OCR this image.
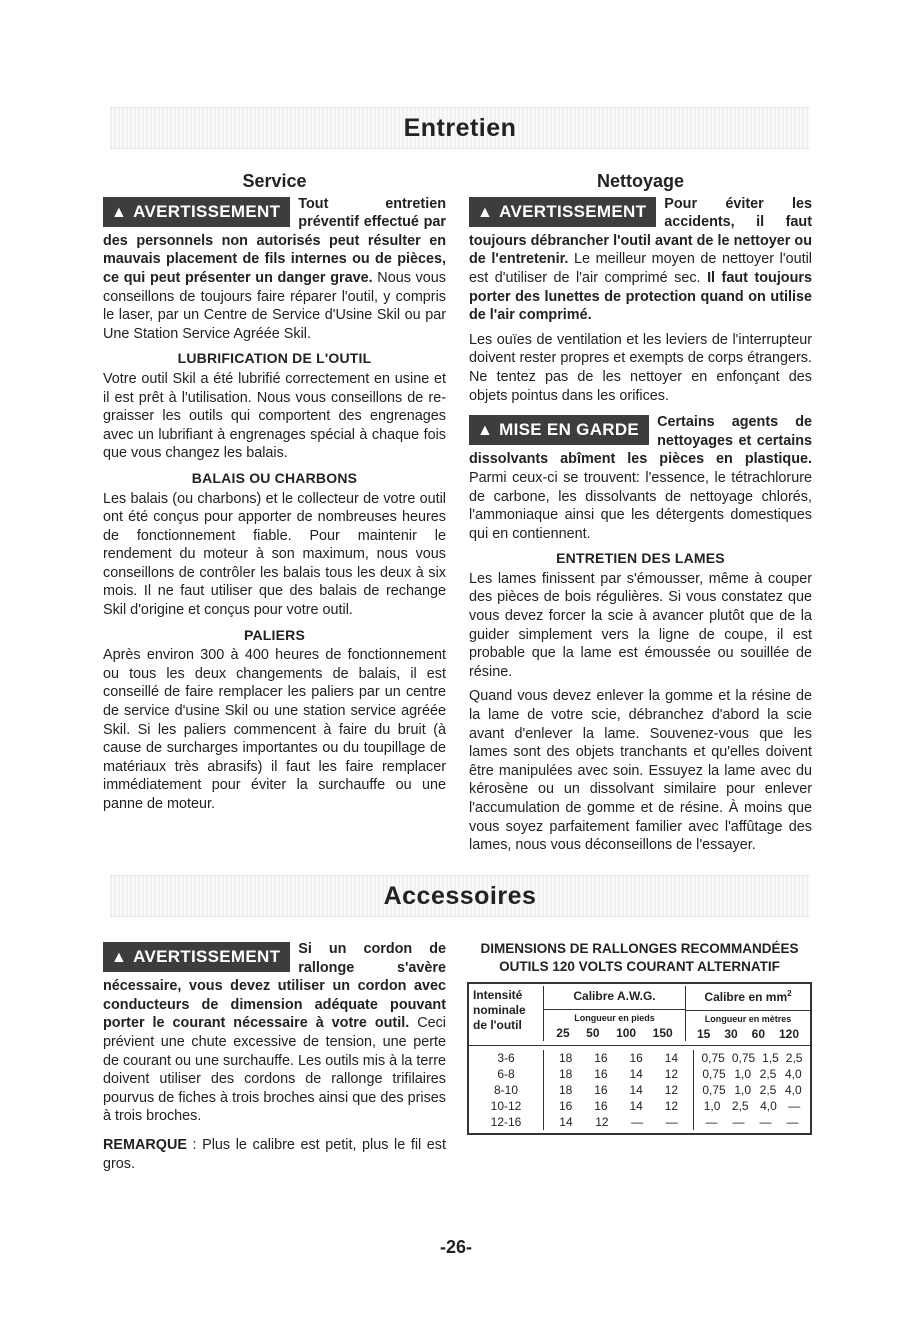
Entretien
Service

▲ AVERTISSEMENT	Tout entretien préventif effectué par des personnels non autorisés peut résulter en mauvais placement de fils internes ou de pièces, ce qui peut présenter un danger grave. Nous vous conseillons de toujours faire réparer l'outil, y compris le laser, par un Centre de Service d'Usine Skil ou par Une Station Service Agréée Skil.

LUBRIFICATION DE L'OUTIL

Votre outil Skil a été lubrifié correctement en usine et il est prêt à l'utilisation. Nous vous conseillons de re-graisser les outils qui comportent des engrenages avec un lubrifiant à engrenages spécial à chaque fois que vous changez les balais.

BALAIS OU CHARBONS

Les balais (ou charbons) et le collecteur de votre outil ont été conçus pour apporter de nombreuses heures de fonctionnement fiable. Pour maintenir le rendement du moteur à son maximum, nous vous conseillons de contrôler les balais tous les deux à six mois. Il ne faut utiliser que des balais de rechange Skil d'origine et conçus pour votre outil.

PALIERS

Après environ 300 à 400 heures de fonctionnement ou tous les deux changements de balais, il est conseillé de faire remplacer les paliers par un centre de service d'usine Skil ou une station service agréée Skil. Si les paliers commencent à faire du bruit (à cause de surcharges importantes ou du toupillage de matériaux très abrasifs) il faut les faire remplacer immédiatement pour éviter la surchauffe ou une panne de moteur.

Nettoyage

▲ AVERTISSEMENT	Pour éviter les accidents, il faut toujours débrancher l'outil avant de le nettoyer ou de l'entretenir. Le meilleur moyen de nettoyer l'outil est d'utiliser de l'air comprimé sec. Il faut toujours porter des lunettes de protection quand on utilise de l'air comprimé.

Les ouïes de ventilation et les leviers de l'interrupteur doivent rester propres et exempts de corps étrangers. Ne tentez pas de les nettoyer en enfonçant des objets pointus dans les orifices.

▲ MISE EN GARDE	Certains agents de nettoyages et certains dissolvants abîment les pièces en plastique. Parmi ceux-ci se trouvent: l'essence, le tétrachlorure de carbone, les dissolvants de nettoyage chlorés, l'ammoniaque ainsi que les détergents domestiques qui en contiennent.

ENTRETIEN DES LAMES

Les lames finissent par s'émousser, même à couper des pièces de bois régulières. Si vous constatez que vous devez forcer la scie à avancer plutôt que de la guider simplement vers la ligne de coupe, il est probable que la lame est émoussée ou souillée de résine.

Quand vous devez enlever la gomme et la résine de la lame de votre scie, débranchez d'abord la scie avant d'enlever la lame. Souvenez-vous que les lames sont des objets tranchants et qu'elles doivent être manipulées avec soin. Essuyez la lame avec du kérosène ou un dissolvant similaire pour enlever l'accumulation de gomme et de résine. À moins que vous soyez parfaitement familier avec l'affûtage des lames, nous vous déconseillons de l'essayer.

Accessoires

▲ AVERTISSEMENT	Si un cordon de rallonge s'avère nécessaire, vous devez utiliser un cordon avec conducteurs de dimension adéquate pouvant porter le courant nécessaire à votre outil. Ceci prévient une chute excessive de tension, une perte de courant ou une surchauffe. Les outils mis à la terre doivent utiliser des cordons de rallonge trifilaires pourvus de fiches à trois broches ainsi que des prises à trois broches.

REMARQUE : Plus le calibre est petit, plus le fil est gros.

DIMENSIONS DE RALLONGES RECOMMANDÉES
OUTILS 120 VOLTS COURANT ALTERNATIF
Intensité
nominale
de l'outil
Calibre A.W.G.
Longueur en pieds
25 50 100 150
Calibre en $mm^2$
Longueur en mètres
15 30 60 120
3-6	18 16 16 14 0,75 0,75 1,5 2,5
6-8	18 16 14 12 0,75 1,0 2,5 4,0
8-10	18 16 14 12 0,75 1,0 2,5 4,0
10-12	16 16 14 12 1,0 2,5 4,0 —
12-16	14 12 — — — — — —
-26-
